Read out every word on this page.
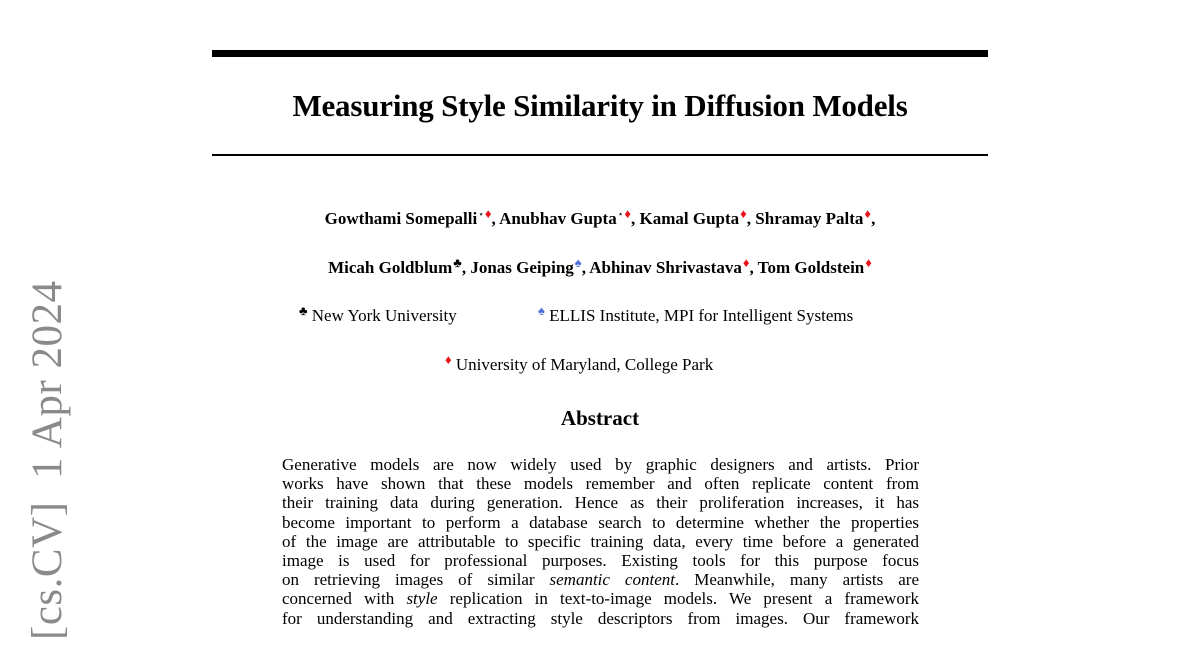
[cs.CV]  1 Apr 2024
Measuring Style Similarity in Diffusion Models
Gowthami Somepalli⋆♦, Anubhav Gupta⋆♦, Kamal Gupta♦, Shramay Palta♦,
Micah Goldblum♣, Jonas Geiping♠, Abhinav Shrivastava♦, Tom Goldstein♦
♣ New York University	♠ ELLIS Institute, MPI for Intelligent Systems
♦ University of Maryland, College Park
Abstract
Generative models are now widely used by graphic designers and artists. Prior
works have shown that these models remember and often replicate content from
their training data during generation. Hence as their proliferation increases, it has
become important to perform a database search to determine whether the properties
of the image are attributable to specific training data, every time before a generated
image is used for professional purposes. Existing tools for this purpose focus
on retrieving images of similar semantic content. Meanwhile, many artists are
concerned with style replication in text-to-image models. We present a framework
for understanding and extracting style descriptors from images. Our framework
